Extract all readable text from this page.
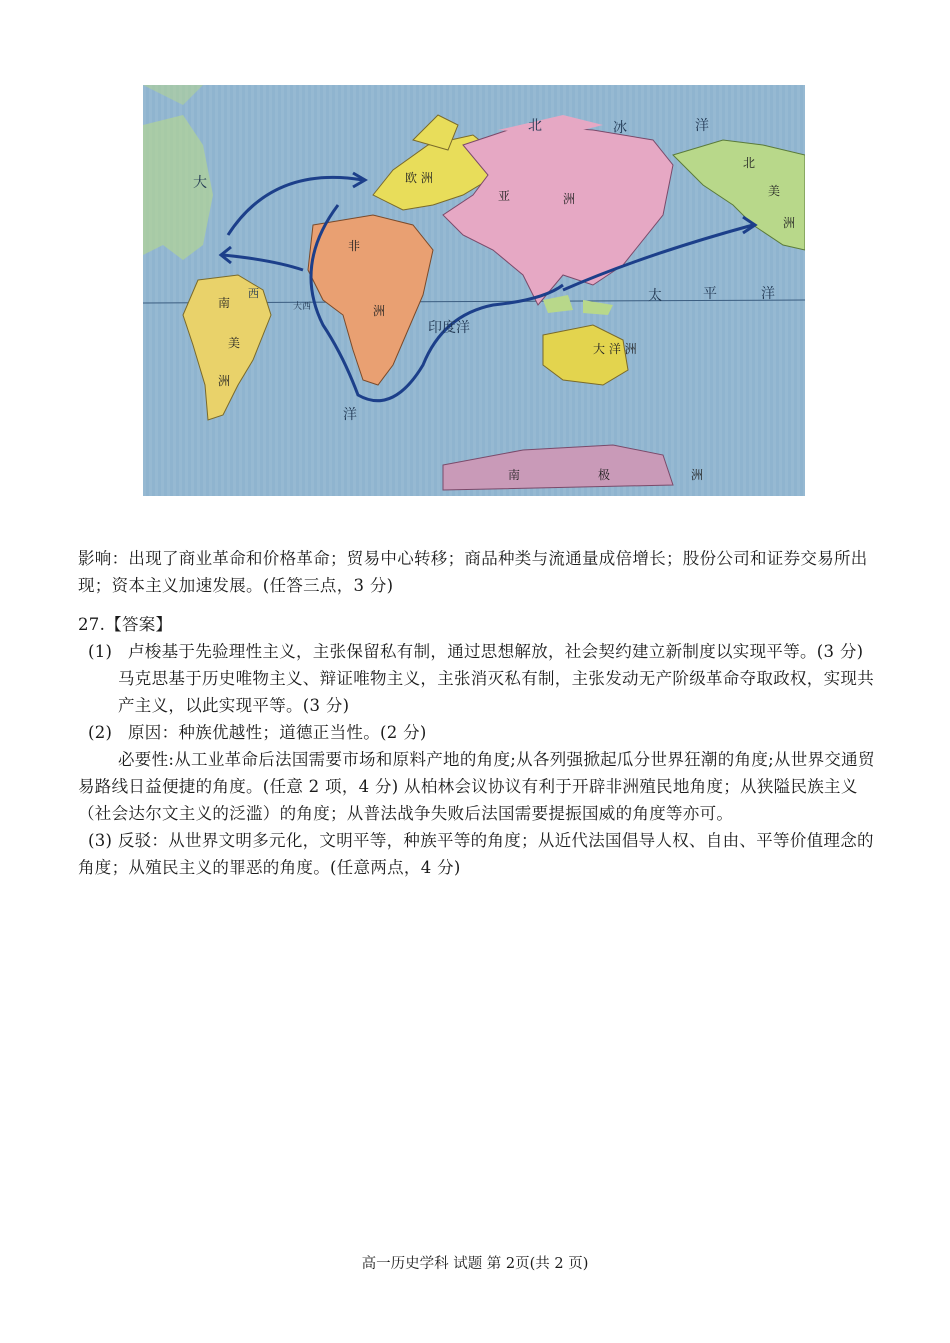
欧 洲
亚	洲
非
洲
南
美
洲
北
美
洲
大 洋 洲
南	极	洲
北	冰	洋
太	平	洋
印度洋
大
洋
西
大西

影响：出现了商业革命和价格革命；贸易中心转移；商品种类与流通量成倍增长；股份公司和证券交易所出现；资本主义加速发展。(任答三点，3 分)

27.【答案】

(1) 卢梭基于先验理性主义，主张保留私有制，通过思想解放，社会契约建立新制度以实现平等。(3 分)

马克思基于历史唯物主义、辩证唯物主义，主张消灭私有制，主张发动无产阶级革命夺取政权，实现共产主义，以此实现平等。(3 分)

(2) 原因：种族优越性；道德正当性。(2 分)

必要性:从工业革命后法国需要市场和原料产地的角度;从各列强掀起瓜分世界狂潮的角度;从世界交通贸易路线日益便捷的角度。(任意 2 项，4 分) 从柏林会议协议有利于开辟非洲殖民地角度；从狭隘民族主义（社会达尔文主义的泛滥）的角度；从普法战争失败后法国需要提振国威的角度等亦可。

(3) 反驳：从世界文明多元化，文明平等，种族平等的角度；从近代法国倡导人权、自由、平等价值理念的角度；从殖民主义的罪恶的角度。(任意两点，4 分)
高一历史学科 试题 第 2页(共 2 页)
